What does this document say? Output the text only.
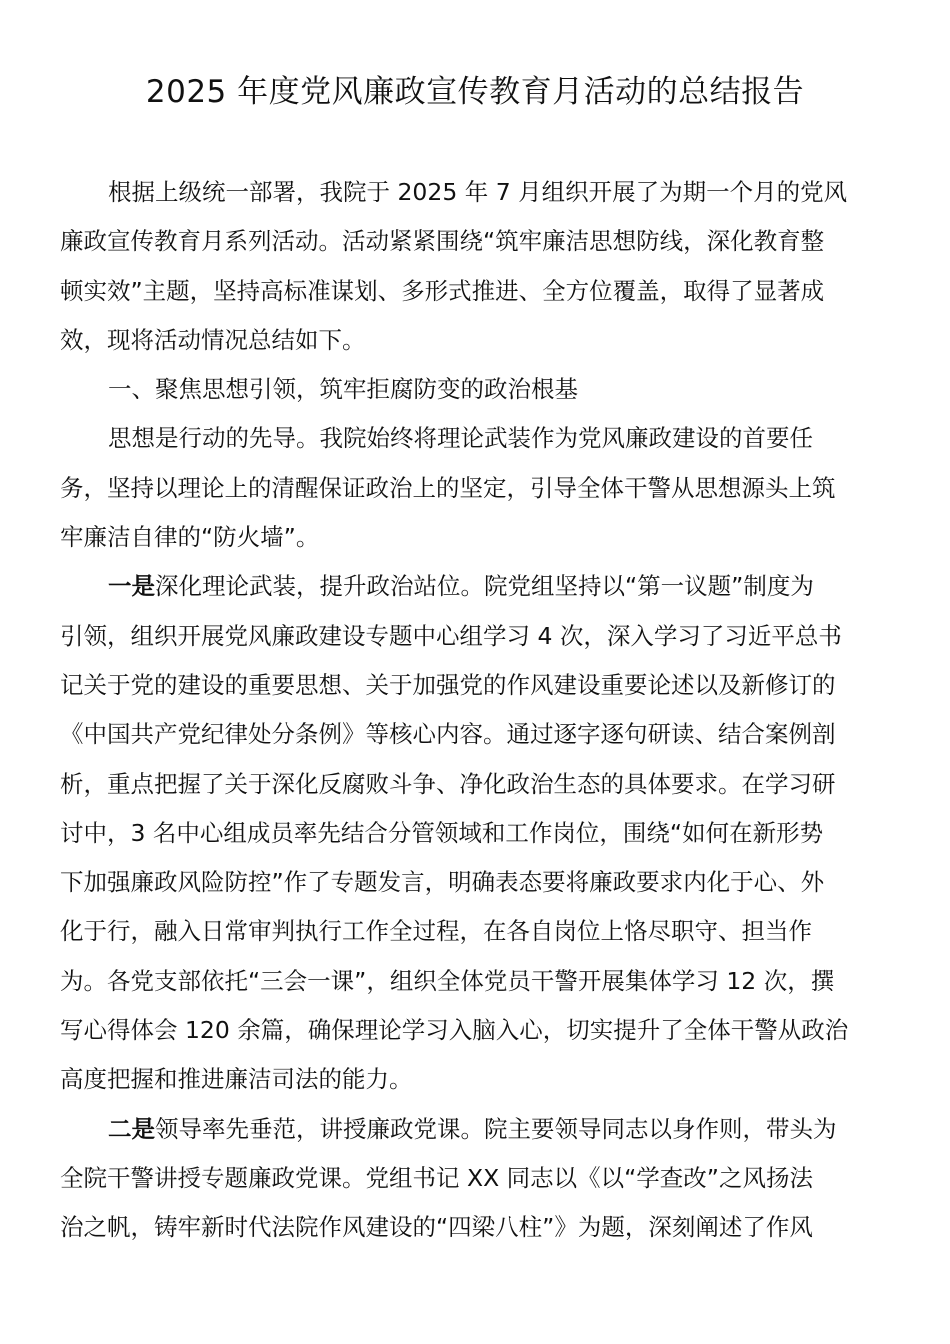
2025 年度党风廉政宣传教育月活动的总结报告
根据上级统一部署，我院于 2025 年 7 月组织开展了为期一个月的党风
廉政宣传教育月系列活动。活动紧紧围绕“筑牢廉洁思想防线，深化教育整
顿实效”主题，坚持高标准谋划、多形式推进、全方位覆盖，取得了显著成
效，现将活动情况总结如下。
一、聚焦思想引领，筑牢拒腐防变的政治根基
思想是行动的先导。我院始终将理论武装作为党风廉政建设的首要任
务，坚持以理论上的清醒保证政治上的坚定，引导全体干警从思想源头上筑
牢廉洁自律的“防火墙”。
一是深化理论武装，提升政治站位。院党组坚持以“第一议题”制度为
引领，组织开展党风廉政建设专题中心组学习 4 次，深入学习了习近平总书
记关于党的建设的重要思想、关于加强党的作风建设重要论述以及新修订的
《中国共产党纪律处分条例》等核心内容。通过逐字逐句研读、结合案例剖
析，重点把握了关于深化反腐败斗争、净化政治生态的具体要求。在学习研
讨中，3 名中心组成员率先结合分管领域和工作岗位，围绕“如何在新形势
下加强廉政风险防控”作了专题发言，明确表态要将廉政要求内化于心、外
化于行，融入日常审判执行工作全过程，在各自岗位上恪尽职守、担当作
为。各党支部依托“三会一课”，组织全体党员干警开展集体学习 12 次，撰
写心得体会 120 余篇，确保理论学习入脑入心，切实提升了全体干警从政治
高度把握和推进廉洁司法的能力。
二是领导率先垂范，讲授廉政党课。院主要领导同志以身作则，带头为
全院干警讲授专题廉政党课。党组书记 XX 同志以《以“学查改”之风扬法
治之帆，铸牢新时代法院作风建设的“四梁八柱”》为题，深刻阐述了作风
